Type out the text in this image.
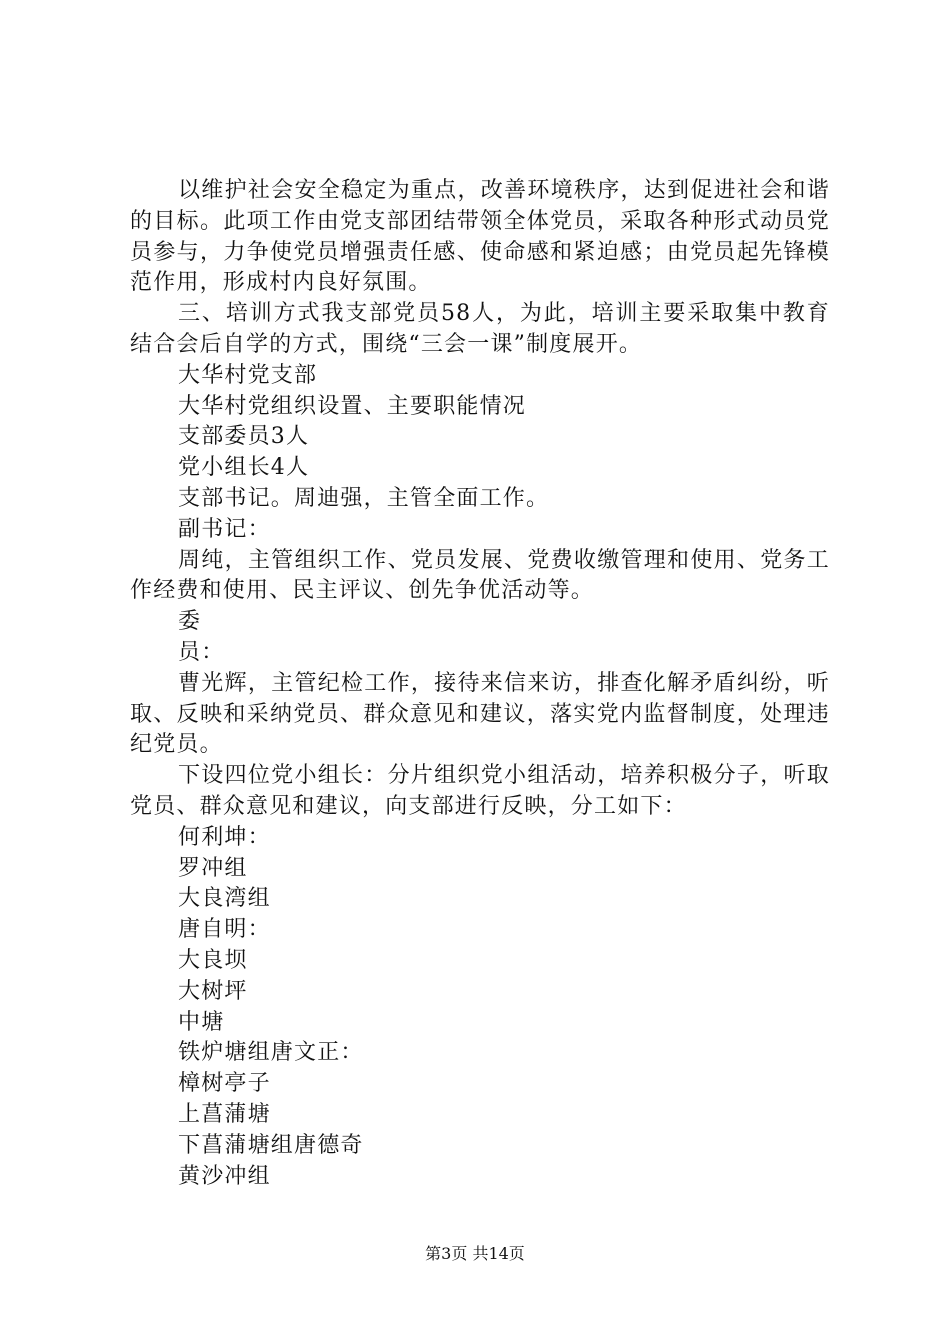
以维护社会安全稳定为重点，改善环境秩序，达到促进社会和谐的目标。此项工作由党支部团结带领全体党员，采取各种形式动员党员参与，力争使党员增强责任感、使命感和紧迫感；由党员起先锋模范作用，形成村内良好氛围。

三、培训方式我支部党员58人，为此，培训主要采取集中教育结合会后自学的方式，围绕“三会一课”制度展开。

大华村党支部

大华村党组织设置、主要职能情况

支部委员3人

党小组长4人

支部书记。周迪强，主管全面工作。

副书记：

周纯，主管组织工作、党员发展、党费收缴管理和使用、党务工作经费和使用、民主评议、创先争优活动等。

委

员：

曹光辉，主管纪检工作，接待来信来访，排查化解矛盾纠纷，听取、反映和采纳党员、群众意见和建议，落实党内监督制度，处理违纪党员。

下设四位党小组长：分片组织党小组活动，培养积极分子，听取党员、群众意见和建议，向支部进行反映，分工如下：

何利坤：

罗冲组

大良湾组

唐自明：

大良坝

大树坪

中塘

铁炉塘组唐文正：

樟树亭子

上菖蒲塘

下菖蒲塘组唐德奇

黄沙冲组

第3页 共14页
